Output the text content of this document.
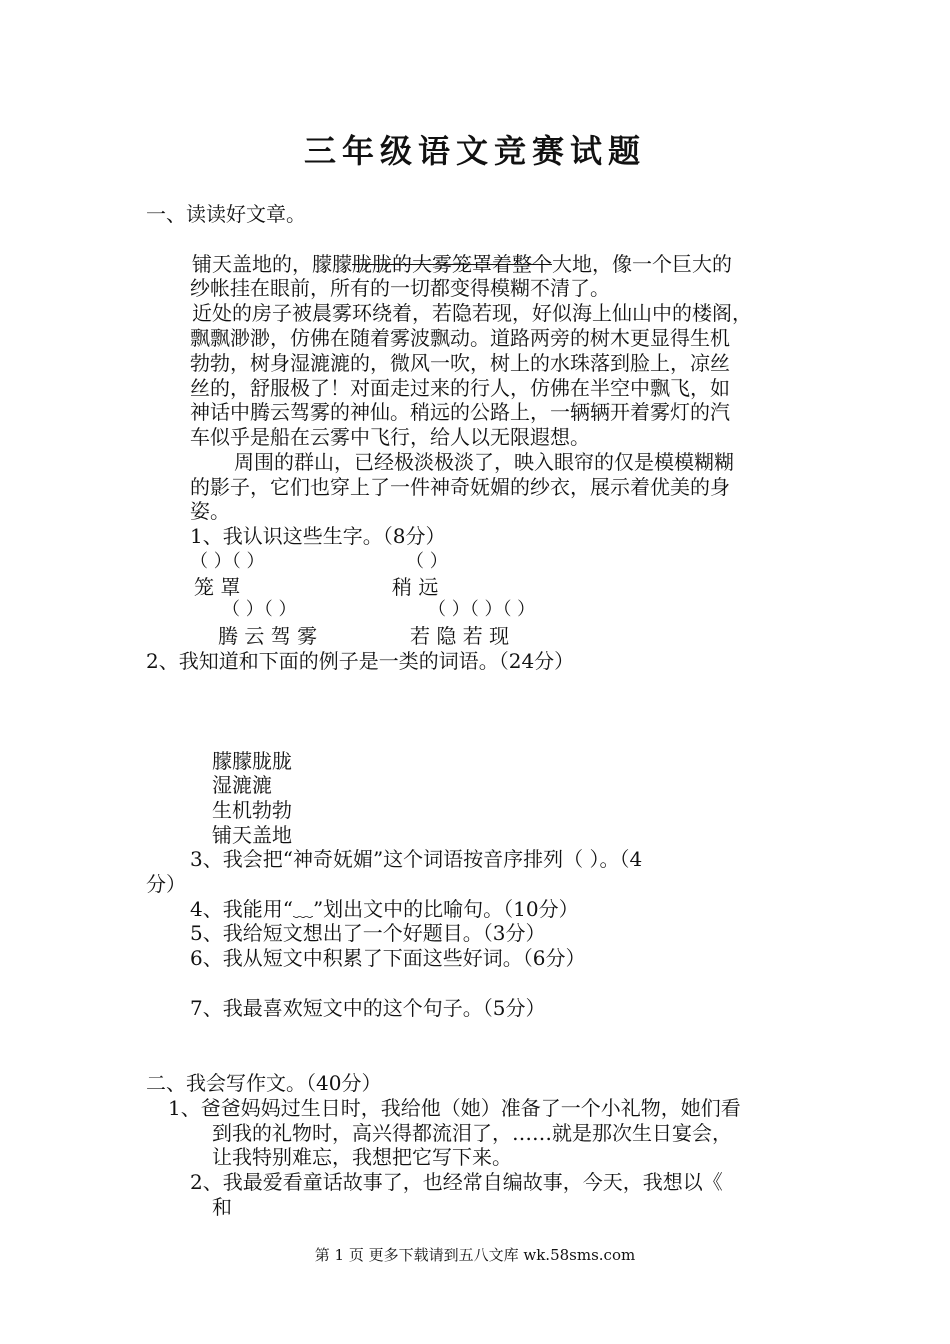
三年级语文竞赛试题
一、读读好文章。
铺天盖地的，朦朦胧胧的大雾笼罩着整个大地，像一个巨大的
纱帐挂在眼前，所有的一切都变得模糊不清了。
近处的房子被晨雾环绕着，若隐若现，好似海上仙山中的楼阁，
飘飘渺渺，仿佛在随着雾波飘动。道路两旁的树木更显得生机
勃勃，树身湿漉漉的，微风一吹，树上的水珠落到脸上，凉丝
丝的，舒服极了！对面走过来的行人，仿佛在半空中飘飞，如
神话中腾云驾雾的神仙。稍远的公路上，一辆辆开着雾灯的汽
车似乎是船在云雾中飞行，给人以无限遐想。
周围的群山，已经极淡极淡了，映入眼帘的仅是模模糊糊
的影子，它们也穿上了一件神奇妩媚的纱衣，展示着优美的身
姿。
1、我认识这些生字。（8分）
（ ）（ ）	（ ）
笼 罩	稍 远
（ ）（ ）	（ ）（ ）（ ）
腾 云 驾 雾	若 隐 若 现
2、我知道和下面的例子是一类的词语。（24分）
朦朦胧胧
湿漉漉
生机勃勃
铺天盖地
3、我会把“神奇妩媚”这个词语按音序排列（ ）。（4
分）
4、我能用“﹏”划出文中的比喻句。（10分）
5、我给短文想出了一个好题目。（3分）
6、我从短文中积累了下面这些好词。（6分）
7、我最喜欢短文中的这个句子。（5分）
二、我会写作文。（40分）
1、爸爸妈妈过生日时，我给他（她）准备了一个小礼物，她们看
到我的礼物时，高兴得都流泪了，……就是那次生日宴会，
让我特别难忘，我想把它写下来。
2、我最爱看童话故事了，也经常自编故事，今天，我想以《
和
第 1 页 更多下载请到五八文库 wk.58sms.com
